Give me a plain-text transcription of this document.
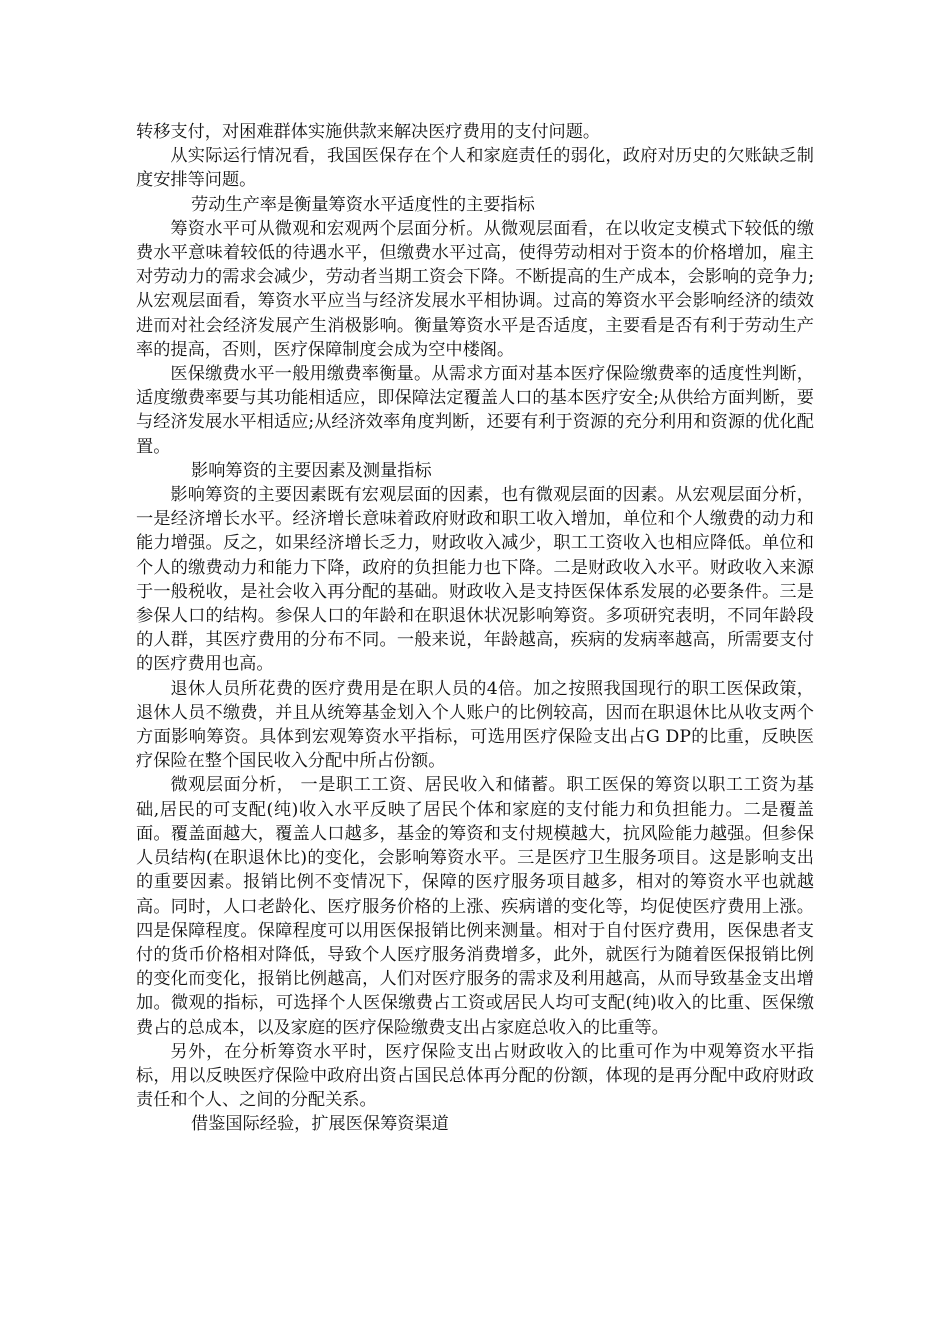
转移支付，对困难群体实施供款来解决医疗费用的支付问题。

从实际运行情况看，我国医保存在个人和家庭责任的弱化，政府对历史的欠账缺乏制度安排等问题。

劳动生产率是衡量筹资水平适度性的主要指标

筹资水平可从微观和宏观两个层面分析。从微观层面看，在以收定支模式下较低的缴费水平意味着较低的待遇水平，但缴费水平过高，使得劳动相对于资本的价格增加，雇主对劳动力的需求会减少，劳动者当期工资会下降。不断提高的生产成本，会影响的竞争力;从宏观层面看，筹资水平应当与经济发展水平相协调。过高的筹资水平会影响经济的绩效进而对社会经济发展产生消极影响。衡量筹资水平是否适度，主要看是否有利于劳动生产率的提高，否则，医疗保障制度会成为空中楼阁。

医保缴费水平一般用缴费率衡量。从需求方面对基本医疗保险缴费率的适度性判断，适度缴费率要与其功能相适应，即保障法定覆盖人口的基本医疗安全;从供给方面判断，要与经济发展水平相适应;从经济效率角度判断，还要有利于资源的充分利用和资源的优化配置。

影响筹资的主要因素及测量指标

影响筹资的主要因素既有宏观层面的因素，也有微观层面的因素。从宏观层面分析，一是经济增长水平。经济增长意味着政府财政和职工收入增加，单位和个人缴费的动力和能力增强。反之，如果经济增长乏力，财政收入减少，职工工资收入也相应降低。单位和个人的缴费动力和能力下降，政府的负担能力也下降。二是财政收入水平。财政收入来源于一般税收，是社会收入再分配的基础。财政收入是支持医保体系发展的必要条件。三是参保人口的结构。参保人口的年龄和在职退休状况影响筹资。多项研究表明，不同年龄段的人群，其医疗费用的分布不同。一般来说，年龄越高，疾病的发病率越高，所需要支付的医疗费用也高。

退休人员所花费的医疗费用是在职人员的4倍。加之按照我国现行的职工医保政策，退休人员不缴费，并且从统筹基金划入个人账户的比例较高，因而在职退休比从收支两个方面影响筹资。具体到宏观筹资水平指标，可选用医疗保险支出占G DP的比重，反映医疗保险在整个国民收入分配中所占份额。

微观层面分析， 一是职工工资、居民收入和储蓄。职工医保的筹资以职工工资为基础,居民的可支配(纯)收入水平反映了居民个体和家庭的支付能力和负担能力。二是覆盖面。覆盖面越大，覆盖人口越多，基金的筹资和支付规模越大，抗风险能力越强。但参保人员结构(在职退休比)的变化，会影响筹资水平。三是医疗卫生服务项目。这是影响支出的重要因素。报销比例不变情况下，保障的医疗服务项目越多，相对的筹资水平也就越高。同时，人口老龄化、医疗服务价格的上涨、疾病谱的变化等，均促使医疗费用上涨。四是保障程度。保障程度可以用医保报销比例来测量。相对于自付医疗费用，医保患者支付的货币价格相对降低，导致个人医疗服务消费增多，此外，就医行为随着医保报销比例的变化而变化，报销比例越高，人们对医疗服务的需求及利用越高，从而导致基金支出增加。微观的指标，可选择个人医保缴费占工资或居民人均可支配(纯)收入的比重、医保缴费占的总成本，以及家庭的医疗保险缴费支出占家庭总收入的比重等。

另外，在分析筹资水平时，医疗保险支出占财政收入的比重可作为中观筹资水平指标，用以反映医疗保险中政府出资占国民总体再分配的份额，体现的是再分配中政府财政责任和个人、之间的分配关系。

借鉴国际经验，扩展医保筹资渠道
